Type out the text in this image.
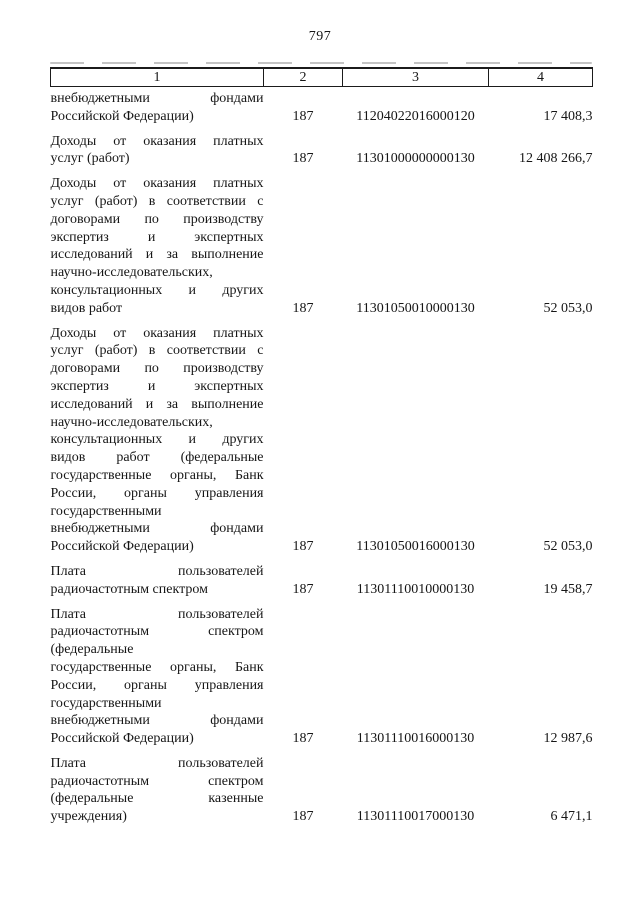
797
1	2	3	4

внебюджетными фондами
Российской Федерации)	187	11204022016000120	17 408,3

Доходы от оказания платных
услуг (работ)	187	11301000000000130	12 408 266,7

Доходы от оказания платных
услуг (работ) в соответствии с
договорами по производству
экспертиз и экспертных
исследований и за выполнение
научно-исследовательских,
консультационных и других
видов работ	187	11301050010000130	52 053,0

Доходы от оказания платных
услуг (работ) в соответствии с
договорами по производству
экспертиз и экспертных
исследований и за выполнение
научно-исследовательских,
консультационных и других
видов работ (федеральные
государственные органы, Банк
России, органы управления
государственными
внебюджетными фондами
Российской Федерации)	187	11301050016000130	52 053,0

Плата пользователей
радиочастотным спектром	187	11301110010000130	19 458,7

Плата пользователей
радиочастотным спектром
(федеральные
государственные органы, Банк
России, органы управления
государственными
внебюджетными фондами
Российской Федерации)	187	11301110016000130	12 987,6

Плата пользователей
радиочастотным спектром
(федеральные казенные
учреждения)	187	11301110017000130	6 471,1
